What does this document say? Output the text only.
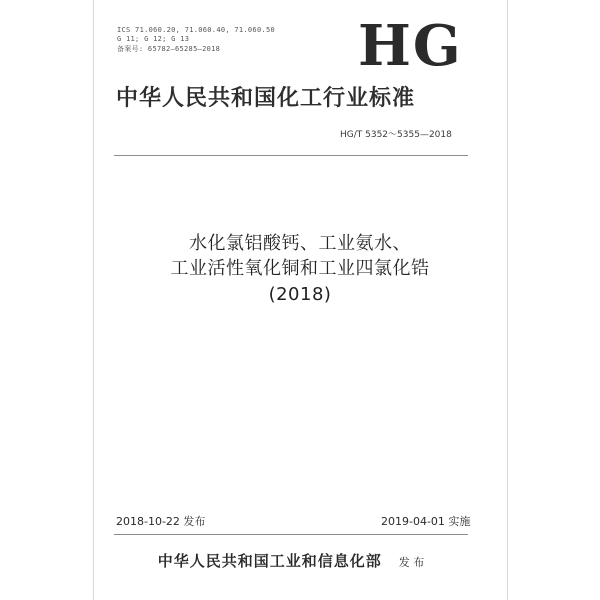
ICS 71.060.20, 71.060.40, 71.060.50
G 11; G 12; G 13
备案号: 65782—65285—2018 HG
中华人民共和国化工行业标准
HG/T 5352～5355—2018
水化氯铝酸钙、工业氨水、
工业活性氧化铜和工业四氯化锆
(2018)
2018-10-22 发布	2019-04-01 实施
中华人民共和国工业和信息化部 发 布
